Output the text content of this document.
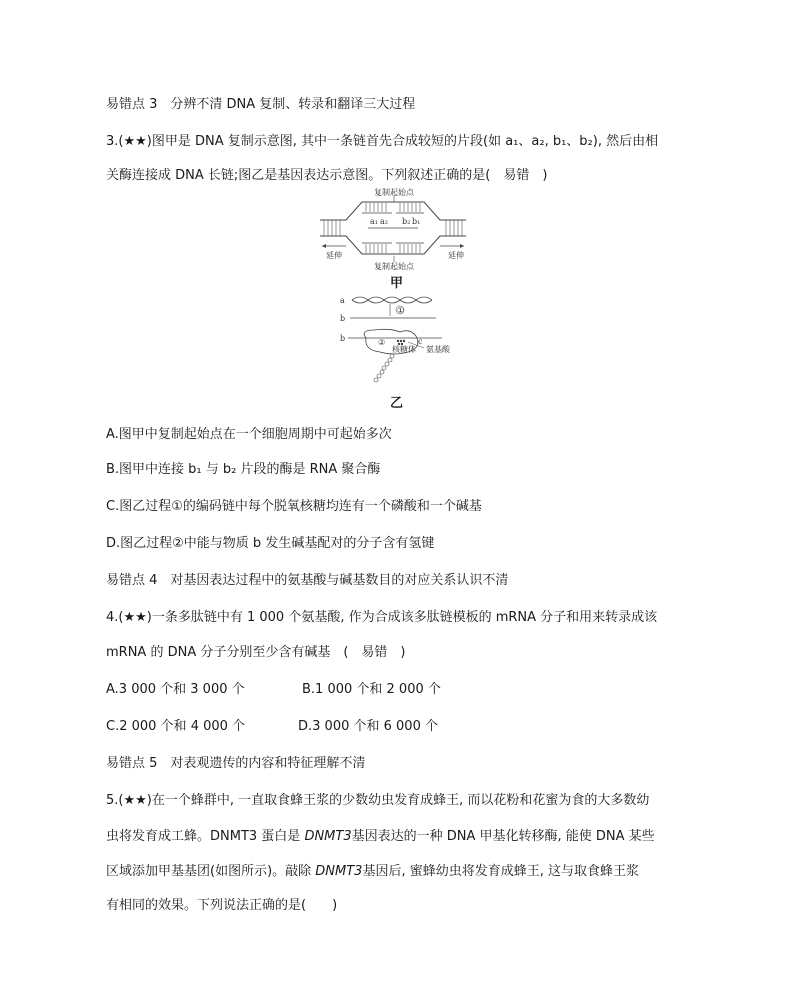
易错点 3　分辨不清 DNA 复制、转录和翻译三大过程
3.(★★)图甲是 DNA 复制示意图, 其中一条链首先合成较短的片段(如 a₁、a₂, b₁、b₂), 然后由相
关酶连接成 DNA 长链;图乙是基因表达示意图。下列叙述正确的是(　易错　)
复制起始点
复制起始点
延伸	延伸
a₁ a₂ b₂ b₁
甲
a
b
b	c
①
②
核糖体 氨基酸
乙
A.图甲中复制起始点在一个细胞周期中可起始多次
B.图甲中连接 b₁ 与 b₂ 片段的酶是 RNA 聚合酶
C.图乙过程①的编码链中每个脱氧核糖均连有一个磷酸和一个碱基
D.图乙过程②中能与物质 b 发生碱基配对的分子含有氢键
易错点 4　对基因表达过程中的氨基酸与碱基数目的对应关系认识不清
4.(★★)一条多肽链中有 1 000 个氨基酸, 作为合成该多肽链模板的 mRNA 分子和用来转录成该
mRNA 的 DNA 分子分别至少含有碱基　(　易错　)
A.3 000 个和 3 000 个	B.1 000 个和 2 000 个
C.2 000 个和 4 000 个	D.3 000 个和 6 000 个
易错点 5　对表观遗传的内容和特征理解不清
5.(★★)在一个蜂群中, 一直取食蜂王浆的少数幼虫发育成蜂王, 而以花粉和花蜜为食的大多数幼
虫将发育成工蜂。DNMT3 蛋白是 DNMT3基因表达的一种 DNA 甲基化转移酶, 能使 DNA 某些
区域添加甲基基团(如图所示)。敲除 DNMT3基因后, 蜜蜂幼虫将发育成蜂王, 这与取食蜂王浆
有相同的效果。下列说法正确的是(　　)
